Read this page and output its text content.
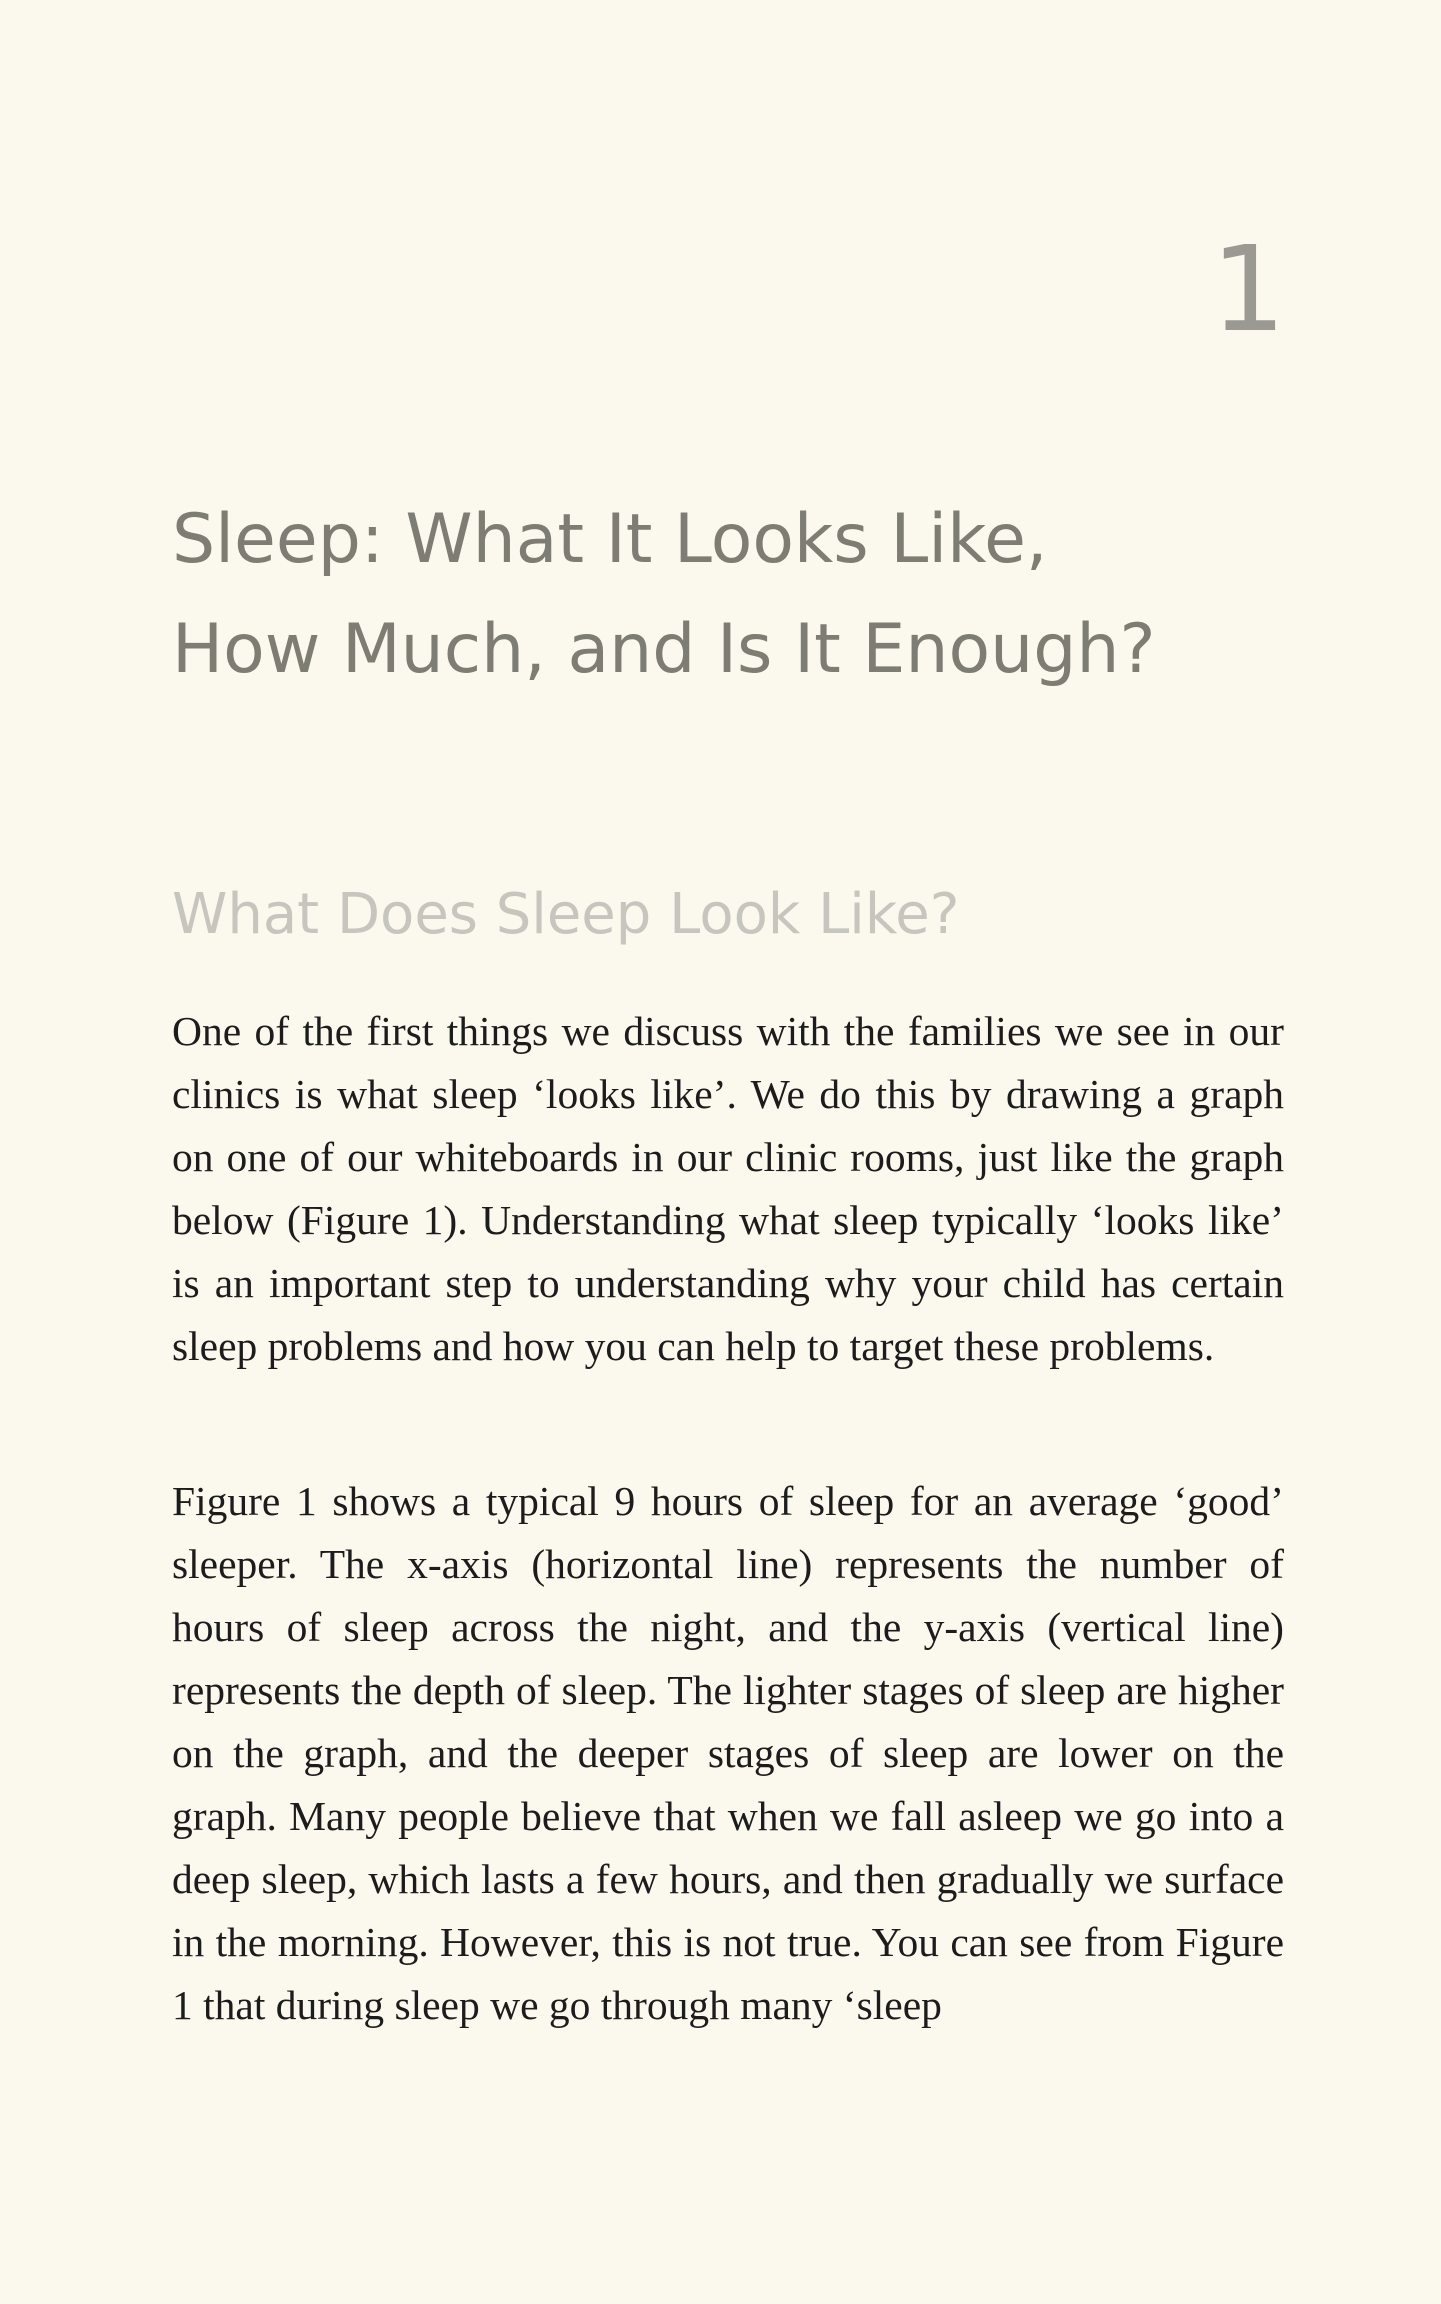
1
Sleep: What It Looks Like,
How Much, and Is It Enough?
What Does Sleep Look Like?

One of the first things we discuss with the families we see in our clinics is what sleep ‘looks like’. We do this by drawing a graph on one of our whiteboards in our clinic rooms, just like the graph below (Figure 1). Understanding what sleep typically ‘looks like’ is an important step to understanding why your child has certain sleep problems and how you can help to target these problems.

Figure 1 shows a typical 9 hours of sleep for an average ‘good’ sleeper. The x-axis (horizontal line) represents the number of hours of sleep across the night, and the y-axis (vertical line) represents the depth of sleep. The lighter stages of sleep are higher on the graph, and the deeper stages of sleep are lower on the graph. Many people believe that when we fall asleep we go into a deep sleep, which lasts a few hours, and then gradually we surface in the morning. However, this is not true. You can see from Figure 1 that during sleep we go through many ‘sleep
